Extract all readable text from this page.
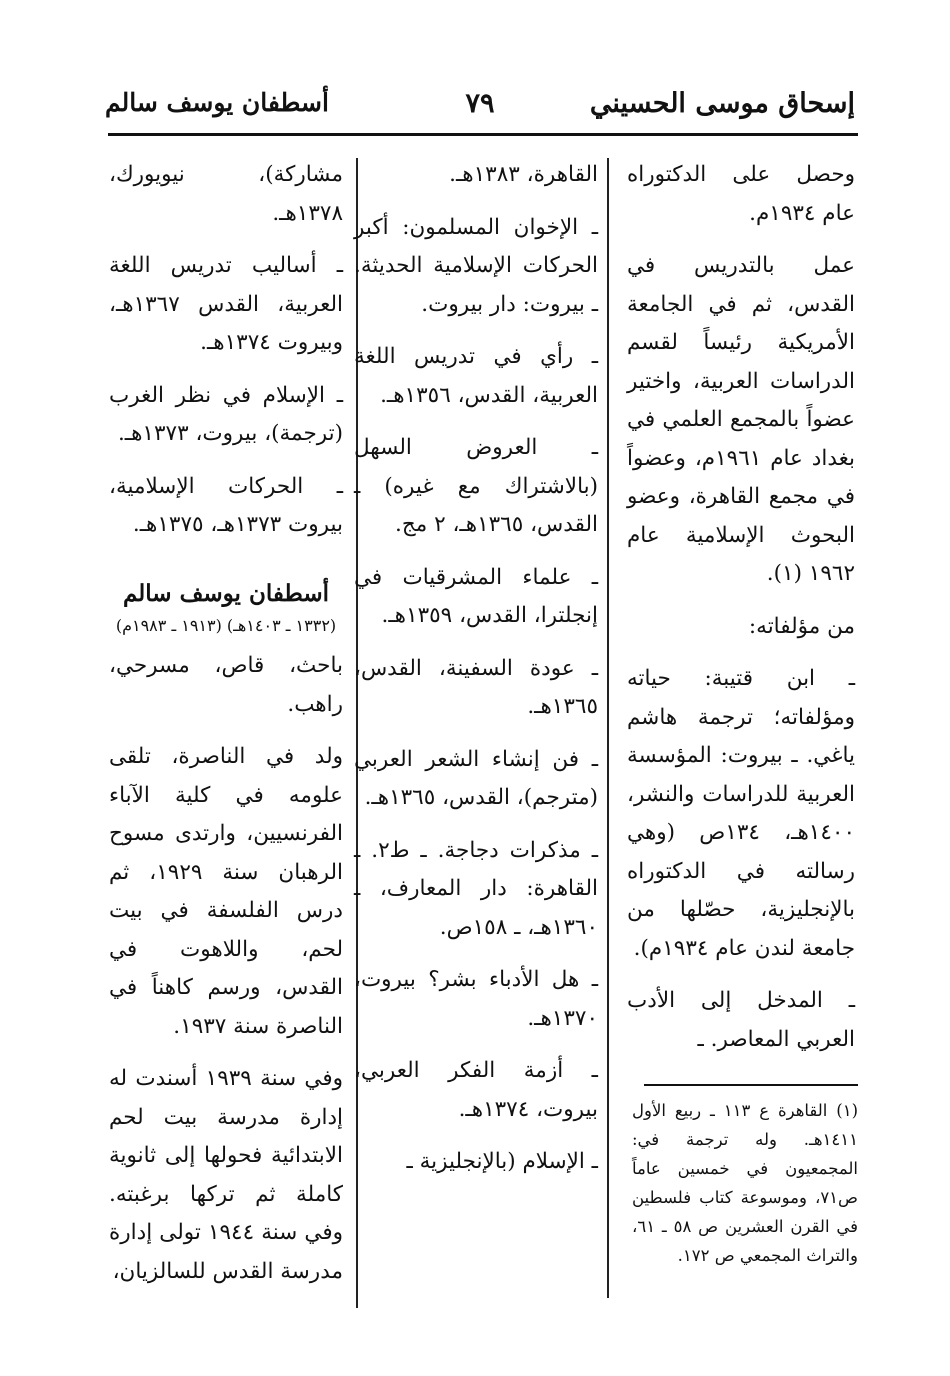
إسحاق موسى الحسيني
٧٩
أسطفان يوسف سالم

وحصل على الدكتوراه عام ١٩٣٤م.

عمل بالتدريس في القدس، ثم في الجامعة الأمريكية رئيساً لقسم الدراسات العربية، واختير عضواً بالمجمع العلمي في بغداد عام ١٩٦١م، وعضواً في مجمع القاهرة، وعضو البحوث الإسلامية عام ١٩٦٢ (١).

من مؤلفاته:

ـ ابن قتيبة: حياته ومؤلفاته؛ ترجمة هاشم ياغي. ـ بيروت: المؤسسة العربية للدراسات والنشر، ١٤٠٠هـ، ١٣٤ص (وهي رسالته في الدكتوراه بالإنجليزية، حصّلها من جامعة لندن عام ١٩٣٤م).

ـ المدخل إلى الأدب العربي المعاصر. ـ

القاهرة، ١٣٨٣هـ.

ـ الإخوان المسلمون: أكبر الحركات الإسلامية الحديثة. ـ بيروت: دار بيروت.

ـ رأي في تدريس اللغة العربية، القدس، ١٣٥٦هـ.

ـ العروض السهل (بالاشتراك مع غيره) ـ القدس، ١٣٦٥هـ، ٢ مج.

ـ علماء المشرقيات في إنجلترا، القدس، ١٣٥٩هـ.

ـ عودة السفينة، القدس، ١٣٦٥هـ.

ـ فن إنشاء الشعر العربي (مترجم)، القدس، ١٣٦٥هـ.

ـ مذكرات دجاجة. ـ ط٢. ـ القاهرة: دار المعارف، ـ ١٣٦٠هـ، ـ ١٥٨ص.

ـ هل الأدباء بشر؟ بيروت، ١٣٧٠هـ.

ـ أزمة الفكر العربي، بيروت، ١٣٧٤هـ.

ـ الإسلام (بالإنجليزية ـ

مشاركة)، نيويورك، ١٣٧٨هـ.

ـ أساليب تدريس اللغة العربية، القدس ١٣٦٧هـ، وبيروت ١٣٧٤هـ.

ـ الإسلام في نظر الغرب (ترجمة)، بيروت، ١٣٧٣هـ.

ـ الحركات الإسلامية، بيروت ١٣٧٣هـ، ١٣٧٥هـ.

أسطفان يوسف سالم

(١٣٣٢ ـ ١٤٠٣هـ) (١٩١٣ ـ ١٩٨٣م)

باحث، قاص، مسرحي، راهب.

ولد في الناصرة، تلقى علومه في كلية الآباء الفرنسيين، وارتدى مسوح الرهبان سنة ١٩٢٩، ثم درس الفلسفة في بيت لحم، واللاهوت في القدس، ورسم كاهناً في الناصرة سنة ١٩٣٧.

وفي سنة ١٩٣٩ أسندت له إدارة مدرسة بيت لحم الابتدائية فحولها إلى ثانوية كاملة ثم تركها برغبته. وفي سنة ١٩٤٤ تولى إدارة مدرسة القدس للسالزيان،

(١) القاهرة ع ١١٣ ـ ربيع الأول ١٤١١هـ. وله ترجمة في: المجمعيون في خمسين عاماً ص٧١، وموسوعة كتاب فلسطين في القرن العشرين ص ٥٨ ـ ٦١، والتراث المجمعي ص ١٧٢.
